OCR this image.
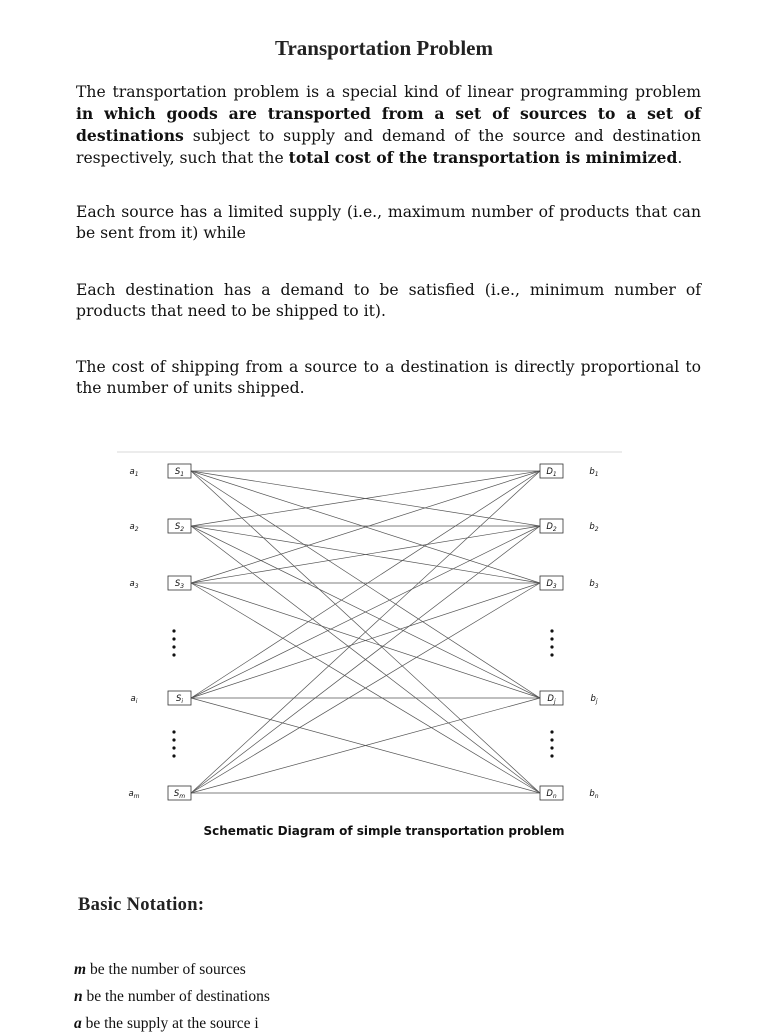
Transportation Problem
The transportation problem is a special kind of linear programming problem in which goods are transported from a set of sources to a set of destinations subject to supply and demand of the source and destination respectively, such that the total cost of the transportation is minimized.
Each source has a limited supply (i.e., maximum number of products that can be sent from it) while
Each destination has a demand to be satisfied (i.e., minimum number of products that need to be shipped to it).
The cost of shipping from a source to a destination is directly proportional to the number of units shipped.
$a_1$	$S_1$
$a_2$	$S_2$
$a_3$	$S_3$
$a_i$	$S_i$
$a_m$	$S_m$
$D_1$	$b_1$
$D_2$	$b_2$
$D_3$	$b_3$
$D_j$	$b_j$
$D_n$	$b_n$
Schematic Diagram of simple transportation problem
Basic Notation:
m be the number of sources
n be the number of destinations
a be the supply at the source i
